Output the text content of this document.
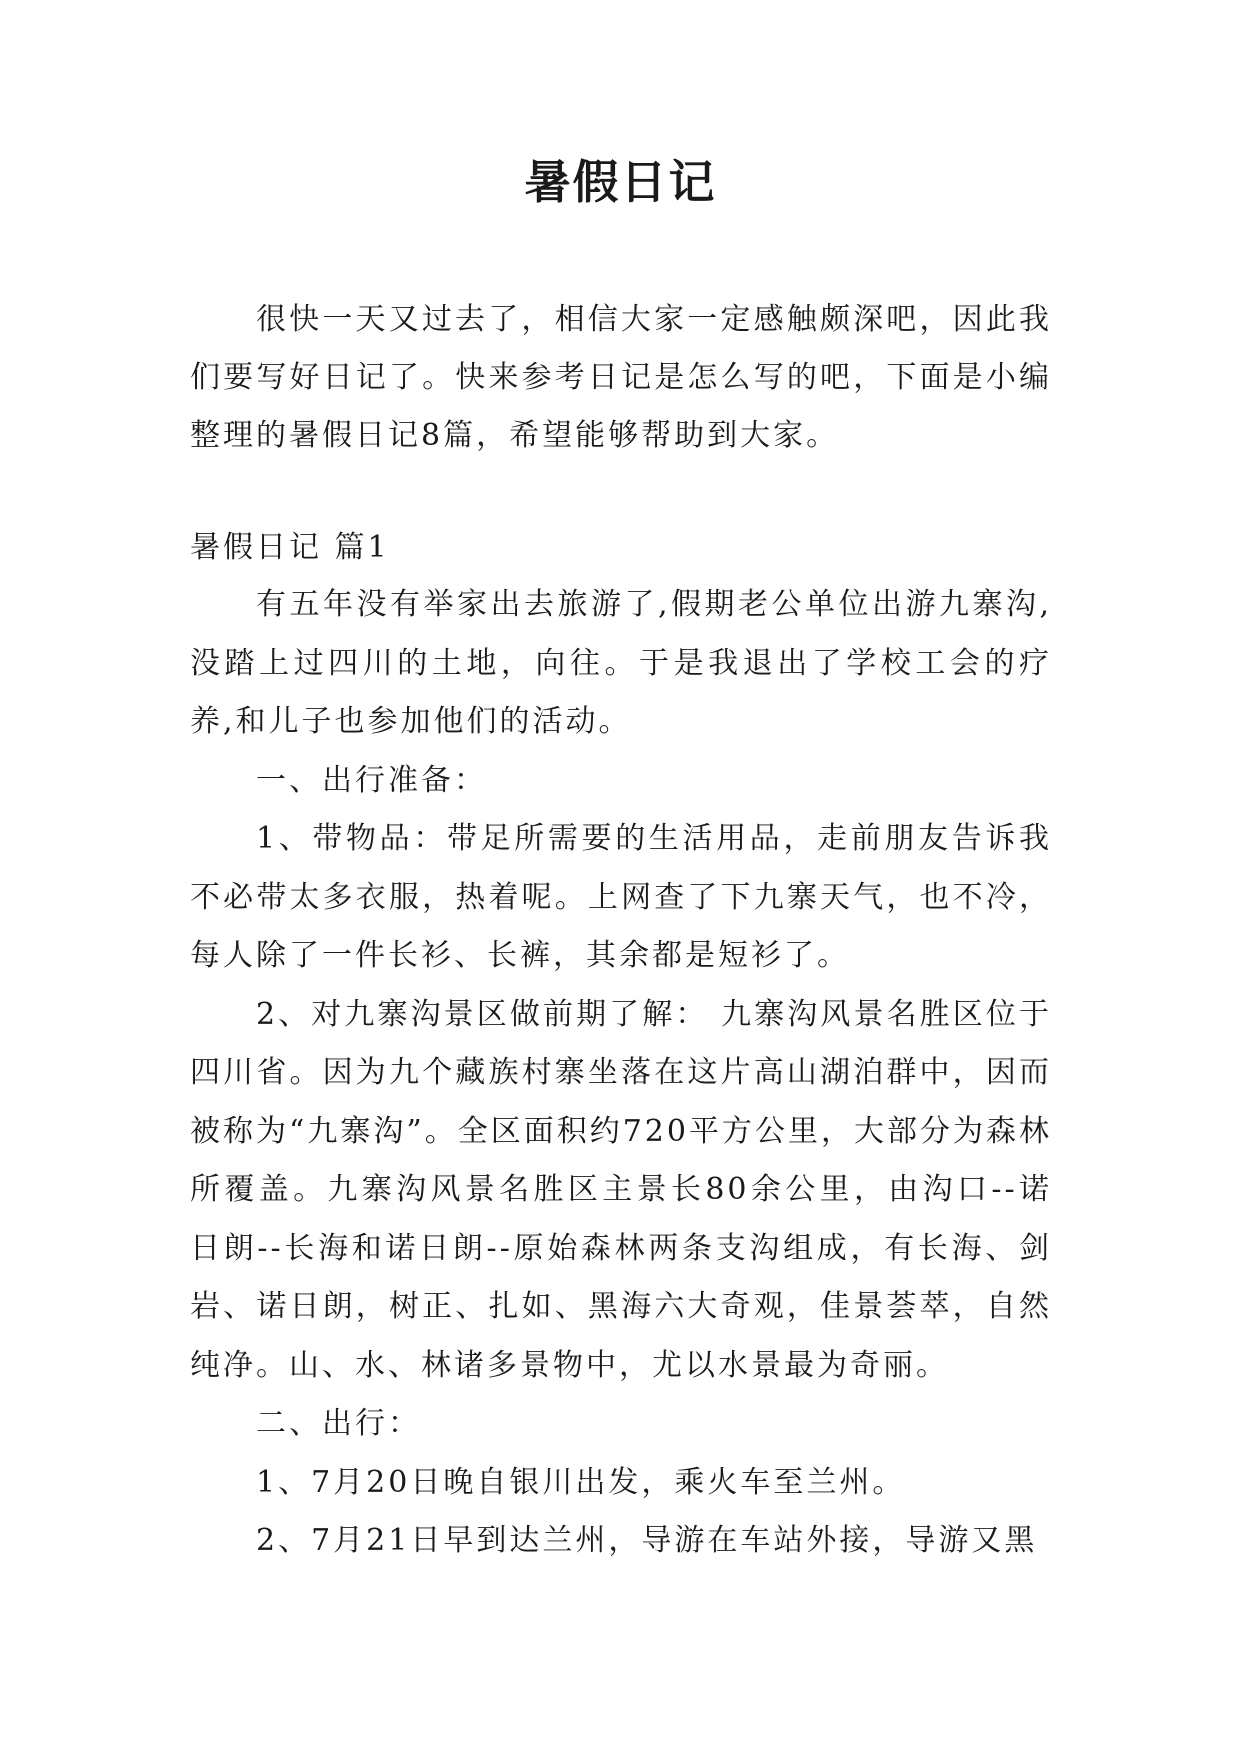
暑假日记

很快一天又过去了，相信大家一定感触颇深吧，因此我们要写好日记了。快来参考日记是怎么写的吧，下面是小编整理的暑假日记8篇，希望能够帮助到大家。

暑假日记 篇1

有五年没有举家出去旅游了,假期老公单位出游九寨沟,没踏上过四川的土地，向往。于是我退出了学校工会的疗养,和儿子也参加他们的活动。

一、出行准备：

1、带物品：带足所需要的生活用品，走前朋友告诉我不必带太多衣服，热着呢。上网查了下九寨天气，也不冷，每人除了一件长衫、长裤，其余都是短衫了。

2、对九寨沟景区做前期了解： 九寨沟风景名胜区位于四川省。因为九个藏族村寨坐落在这片高山湖泊群中，因而被称为“九寨沟”。全区面积约720平方公里，大部分为森林所覆盖。九寨沟风景名胜区主景长80余公里，由沟口--诺日朗--长海和诺日朗--原始森林两条支沟组成，有长海、剑岩、诺日朗，树正、扎如、黑海六大奇观，佳景荟萃，自然纯净。山、水、林诸多景物中，尤以水景最为奇丽。

二、出行：

1、7月20日晚自银川出发，乘火车至兰州。

2、7月21日早到达兰州，导游在车站外接，导游又黑
